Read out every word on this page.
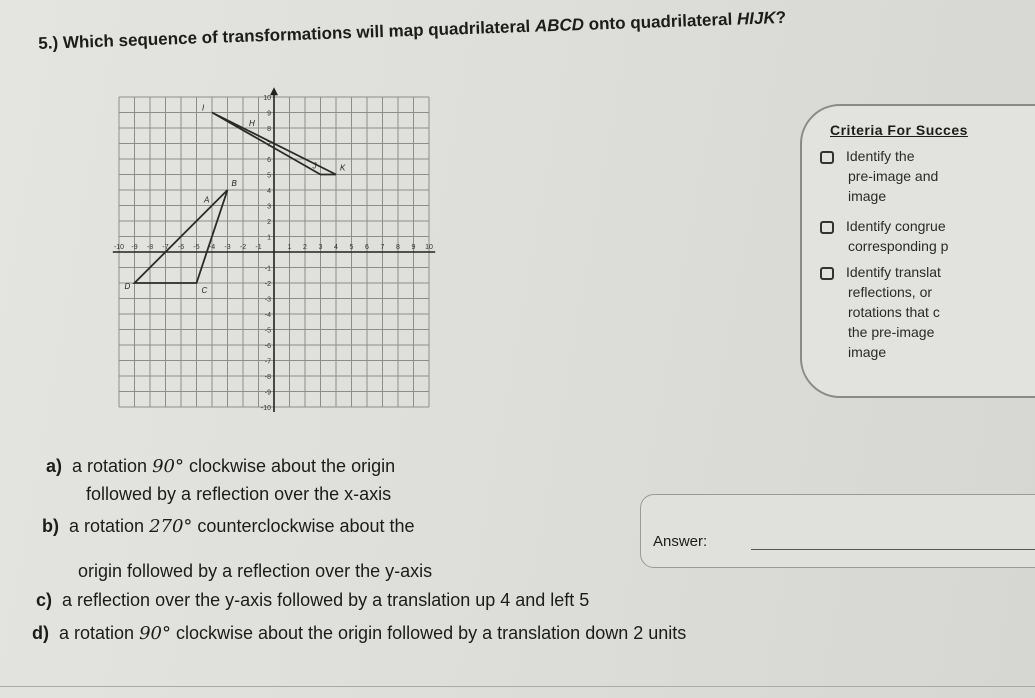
5.) Which sequence of transformations will map quadrilateral ABCD onto quadrilateral HIJK?
-10 -9 -8 -7 -6 -5 -4 -3 -2 -1	1 2 3 4 5 6 7 8 9 10
10
9
8
7
6
5
4
3
2
1
-1
-2
-3
-4
-5
-6
-7
-8
-9
-10
A
B
C
D
H
I
J	K
Criteria For Succes
Identify the
pre-image and
image
Identify congrue
corresponding p
Identify translat
reflections, or
rotations that c
the pre-image
image
a) a rotation 90° clockwise about the origin
followed by a reflection over the x-axis
b) a rotation 270° counterclockwise about the
origin followed by a reflection over the y-axis
c) a reflection over the y-axis followed by a translation up 4 and left 5
d) a rotation 90° clockwise about the origin followed by a translation down 2 units
Answer:
